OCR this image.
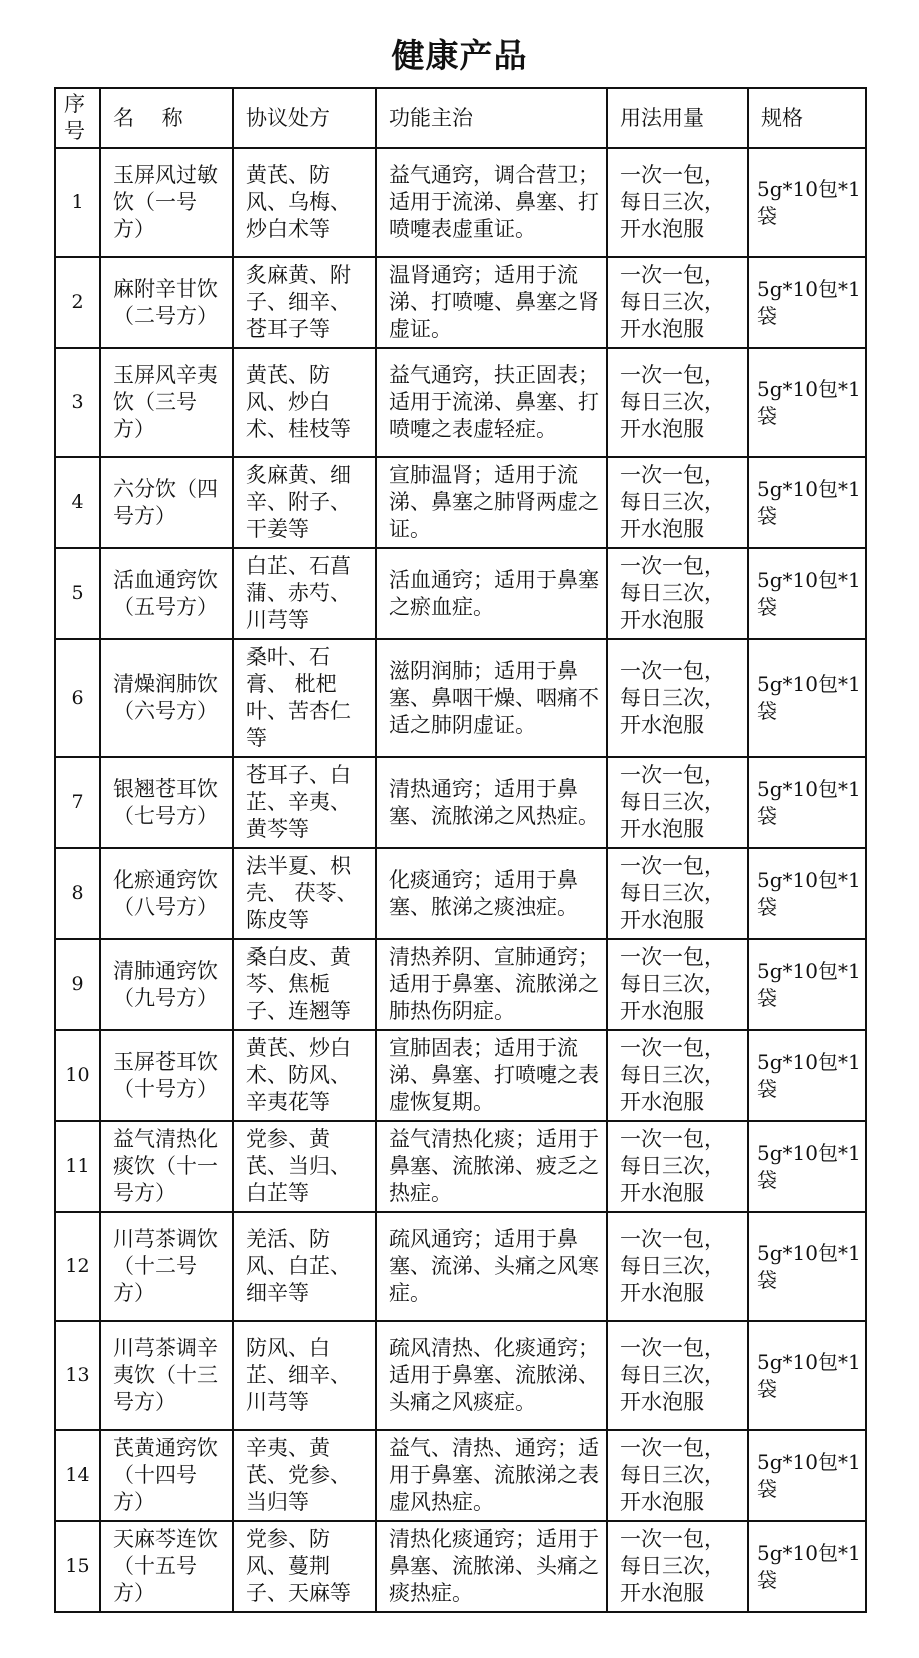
健康产品
序号	名　 称	协议处方	功能主治	用法用量	规格
1	玉屏风过敏饮（一号方）	黄芪、防风、乌梅、炒白术等	益气通窍，调合营卫；适用于流涕、鼻塞、打喷嚏表虚重证。	一次一包，每日三次，开水泡服	5g*10包*1袋
2	麻附辛甘饮（二号方）	炙麻黄、附子、细辛、苍耳子等	温肾通窍；适用于流涕、打喷嚏、鼻塞之肾虚证。	一次一包，每日三次，开水泡服	5g*10包*1袋
3	玉屏风辛夷饮（三号方）	黄芪、防风、炒白术、桂枝等	益气通窍，扶正固表；适用于流涕、鼻塞、打喷嚏之表虚轻症。	一次一包，每日三次，开水泡服	5g*10包*1袋
4	六分饮（四号方）	炙麻黄、细辛、附子、干姜等	宣肺温肾；适用于流涕、鼻塞之肺肾两虚之证。	一次一包，每日三次，开水泡服	5g*10包*1袋
5	活血通窍饮（五号方）	白芷、石菖蒲、赤芍、川芎等	活血通窍；适用于鼻塞之瘀血症。	一次一包，每日三次，开水泡服	5g*10包*1袋
6	清燥润肺饮（六号方）	桑叶、石膏、 枇杷叶、苦杏仁等	滋阴润肺；适用于鼻塞、鼻咽干燥、咽痛不适之肺阴虚证。	一次一包，每日三次，开水泡服	5g*10包*1袋
7	银翘苍耳饮（七号方）	苍耳子、白芷、辛夷、黄芩等	清热通窍；适用于鼻塞、流脓涕之风热症。	一次一包，每日三次，开水泡服	5g*10包*1袋
8	化瘀通窍饮（八号方）	法半夏、枳壳、 茯苓、陈皮等	化痰通窍；适用于鼻塞、脓涕之痰浊症。	一次一包，每日三次，开水泡服	5g*10包*1袋
9	清肺通窍饮（九号方）	桑白皮、黄芩、焦栀子、连翘等	清热养阴、宣肺通窍；适用于鼻塞、流脓涕之肺热伤阴症。	一次一包，每日三次，开水泡服	5g*10包*1袋
10	玉屏苍耳饮（十号方）	黄芪、炒白术、防风、辛夷花等	宣肺固表；适用于流涕、鼻塞、打喷嚏之表虚恢复期。	一次一包，每日三次，开水泡服	5g*10包*1袋
11	益气清热化痰饮（十一号方）	党参、黄芪、当归、白芷等	益气清热化痰；适用于鼻塞、流脓涕、疲乏之热症。	一次一包，每日三次，开水泡服	5g*10包*1袋
12	川芎茶调饮（十二号方）	羌活、防风、白芷、细辛等	疏风通窍；适用于鼻塞、流涕、头痛之风寒症。	一次一包，每日三次，开水泡服	5g*10包*1袋
13	川芎茶调辛夷饮（十三号方）	防风、白芷、细辛、川芎等	疏风清热、化痰通窍；适用于鼻塞、流脓涕、头痛之风痰症。	一次一包，每日三次，开水泡服	5g*10包*1袋
14	芪黄通窍饮（十四号方）	辛夷、黄芪、党参、当归等	益气、清热、通窍；适用于鼻塞、流脓涕之表虚风热症。	一次一包，每日三次，开水泡服	5g*10包*1袋
15	天麻芩连饮（十五号方）	党参、防风、蔓荆子、天麻等	清热化痰通窍；适用于鼻塞、流脓涕、头痛之痰热症。	一次一包，每日三次，开水泡服	5g*10包*1袋
